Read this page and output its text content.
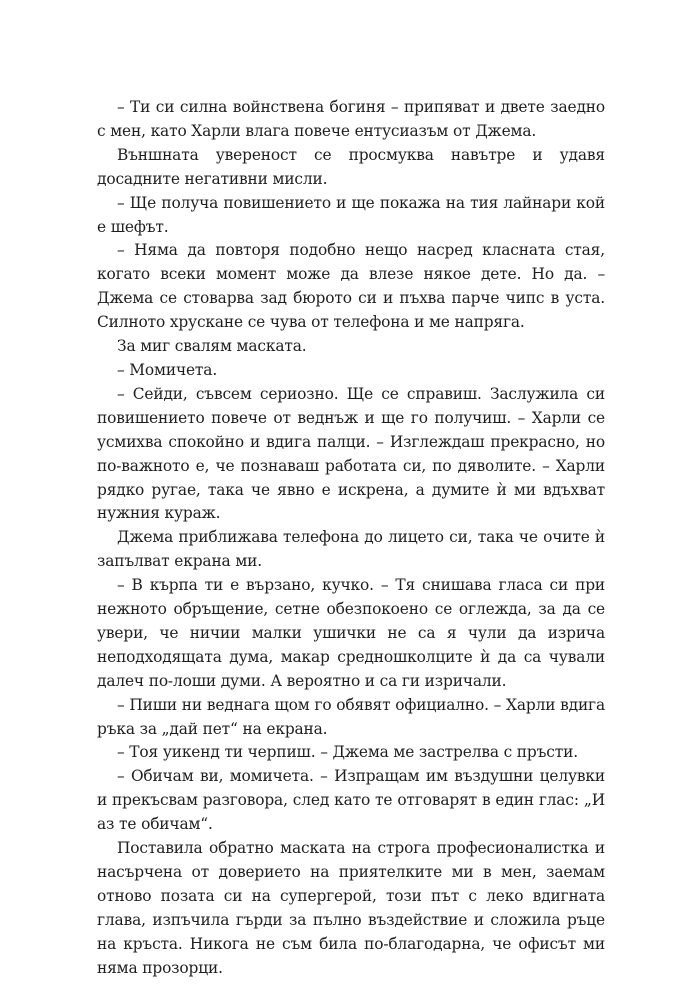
– Ти си силна войнствена богиня – припяват и двете заедно с мен, като Харли влага повече ентусиазъм от Джема.

Външната увереност се просмуква навътре и удавя досадните негативни мисли.

– Ще получа повишението и ще покажа на тия лайнари кой е шефът.

– Няма да повторя подобно нещо насред класната стая, когато всеки момент може да влезе някое дете. Но да. – Джема се стоварва зад бюрото си и пъхва парче чипс в уста. Силното хрускане се чува от телефона и ме напряга.

За миг свалям маската.

– Момичета.

– Сейди, съвсем сериозно. Ще се справиш. Заслужила си повишението повече от веднъж и ще го получиш. – Харли се усмихва спокойно и вдига палци. – Изглеждаш прекрасно, но по-важното е, че познаваш работата си, по дяволите. – Харли рядко ругае, така че явно е искрена, а думите ѝ ми вдъхват нужния кураж.

Джема приближава телефона до лицето си, така че очите ѝ запълват екрана ми.

– В кърпа ти е вързано, кучко. – Тя снишава гласа си при нежното обръщение, сетне обезпокоено се оглежда, за да се увери, че ничии малки ушички не са я чули да изрича неподходящата дума, макар средношколците ѝ да са чували далеч по-лоши думи. А вероятно и са ги изричали.

– Пиши ни веднага щом го обявят официално. – Харли вдига ръка за „дай пет“ на екрана.

– Тоя уикенд ти черпиш. – Джема ме застрелва с пръсти.

– Обичам ви, момичета. – Изпращам им въздушни целувки и прекъсвам разговора, след като те отговарят в един глас: „И аз те обичам“.

Поставила обратно маската на строга професионалистка и насърчена от доверието на приятелките ми в мен, заемам отново позата си на супергерой, този път с леко вдигната глава, изпъчила гърди за пълно въздействие и сложила ръце на кръста. Никога не съм била по-благодарна, че офисът ми няма прозорци.
